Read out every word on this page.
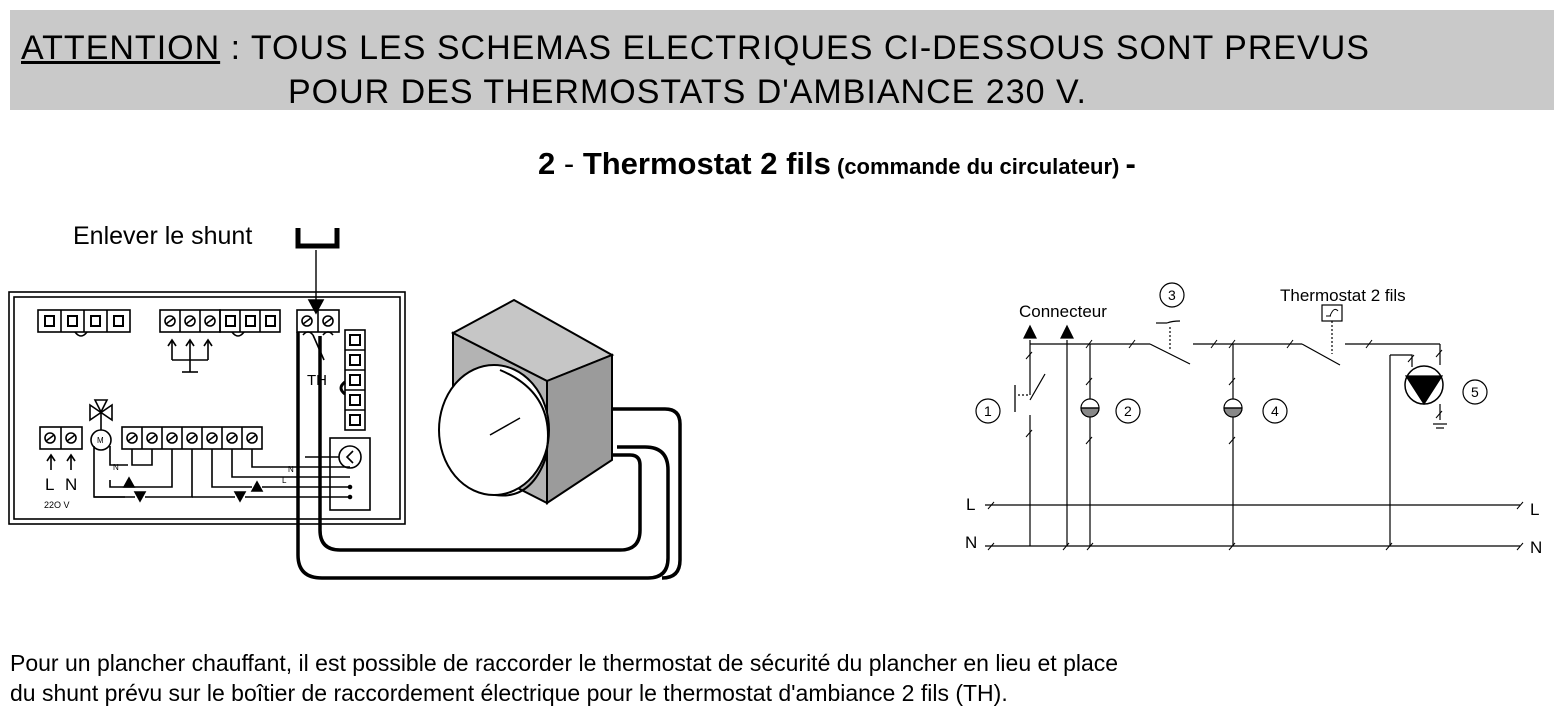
ATTENTION : TOUS LES SCHEMAS ELECTRIQUES CI-DESSOUS SONT PREVUS
POUR DES THERMOSTATS D'AMBIANCE 230 V.
2 - Thermostat 2 fils (commande du circulateur) -
Enlever le shunt
TH
L N
22O V
M
N	N
L
Connecteur
Thermostat 2 fils
L	L
N	N
1	2
3
4
5

Pour un plancher chauffant, il est possible de raccorder le thermostat de sécurité du plancher en lieu et place

du shunt prévu sur le boîtier de raccordement électrique pour le thermostat d'ambiance 2 fils (TH).
